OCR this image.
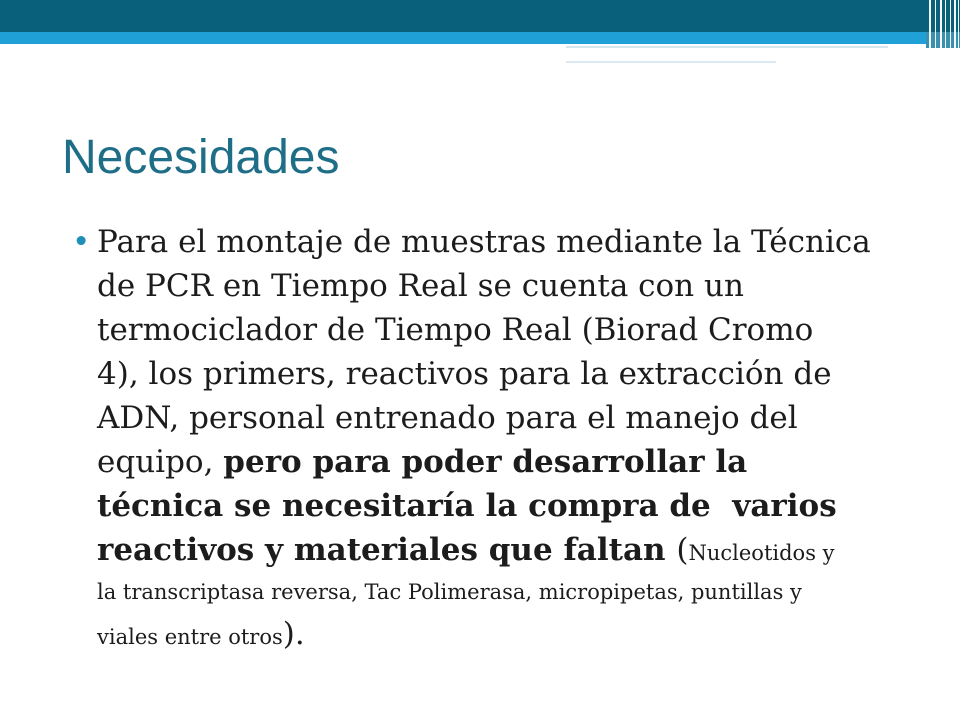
Necesidades
• Para el montaje de muestras mediante la Técnica
de PCR en Tiempo Real se cuenta con un
termociclador de Tiempo Real (Biorad Cromo
4), los primers, reactivos para la extracción de
ADN, personal entrenado para el manejo del
equipo, pero para poder desarrollar la
técnica se necesitaría la compra de  varios
reactivos y materiales que faltan (Nucleotidos y
la transcriptasa reversa, Tac Polimerasa, micropipetas, puntillas y
viales entre otros).
